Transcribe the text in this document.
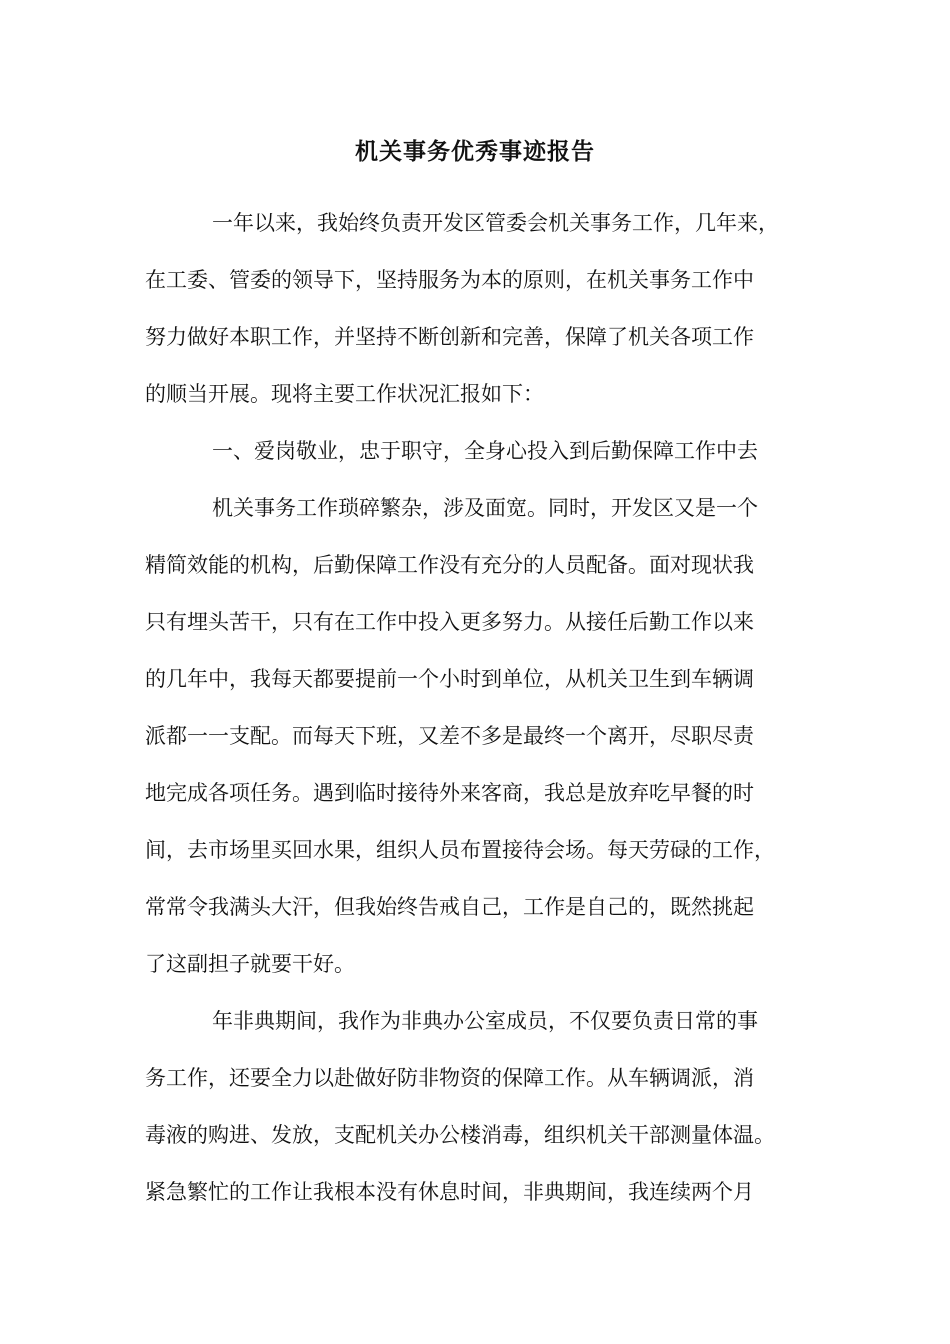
机关事务优秀事迹报告
一年以来，我始终负责开发区管委会机关事务工作，几年来，
在工委、管委的领导下，坚持服务为本的原则，在机关事务工作中
努力做好本职工作，并坚持不断创新和完善，保障了机关各项工作
的顺当开展。现将主要工作状况汇报如下：
一、爱岗敬业，忠于职守，全身心投入到后勤保障工作中去
机关事务工作琐碎繁杂，涉及面宽。同时，开发区又是一个
精简效能的机构，后勤保障工作没有充分的人员配备。面对现状我
只有埋头苦干，只有在工作中投入更多努力。从接任后勤工作以来
的几年中，我每天都要提前一个小时到单位，从机关卫生到车辆调
派都一一支配。而每天下班，又差不多是最终一个离开，尽职尽责
地完成各项任务。遇到临时接待外来客商，我总是放弃吃早餐的时
间，去市场里买回水果，组织人员布置接待会场。每天劳碌的工作，
常常令我满头大汗，但我始终告戒自己，工作是自己的，既然挑起
了这副担子就要干好。
年非典期间，我作为非典办公室成员，不仅要负责日常的事
务工作，还要全力以赴做好防非物资的保障工作。从车辆调派，消
毒液的购进、发放，支配机关办公楼消毒，组织机关干部测量体温。
紧急繁忙的工作让我根本没有休息时间，非典期间，我连续两个月
